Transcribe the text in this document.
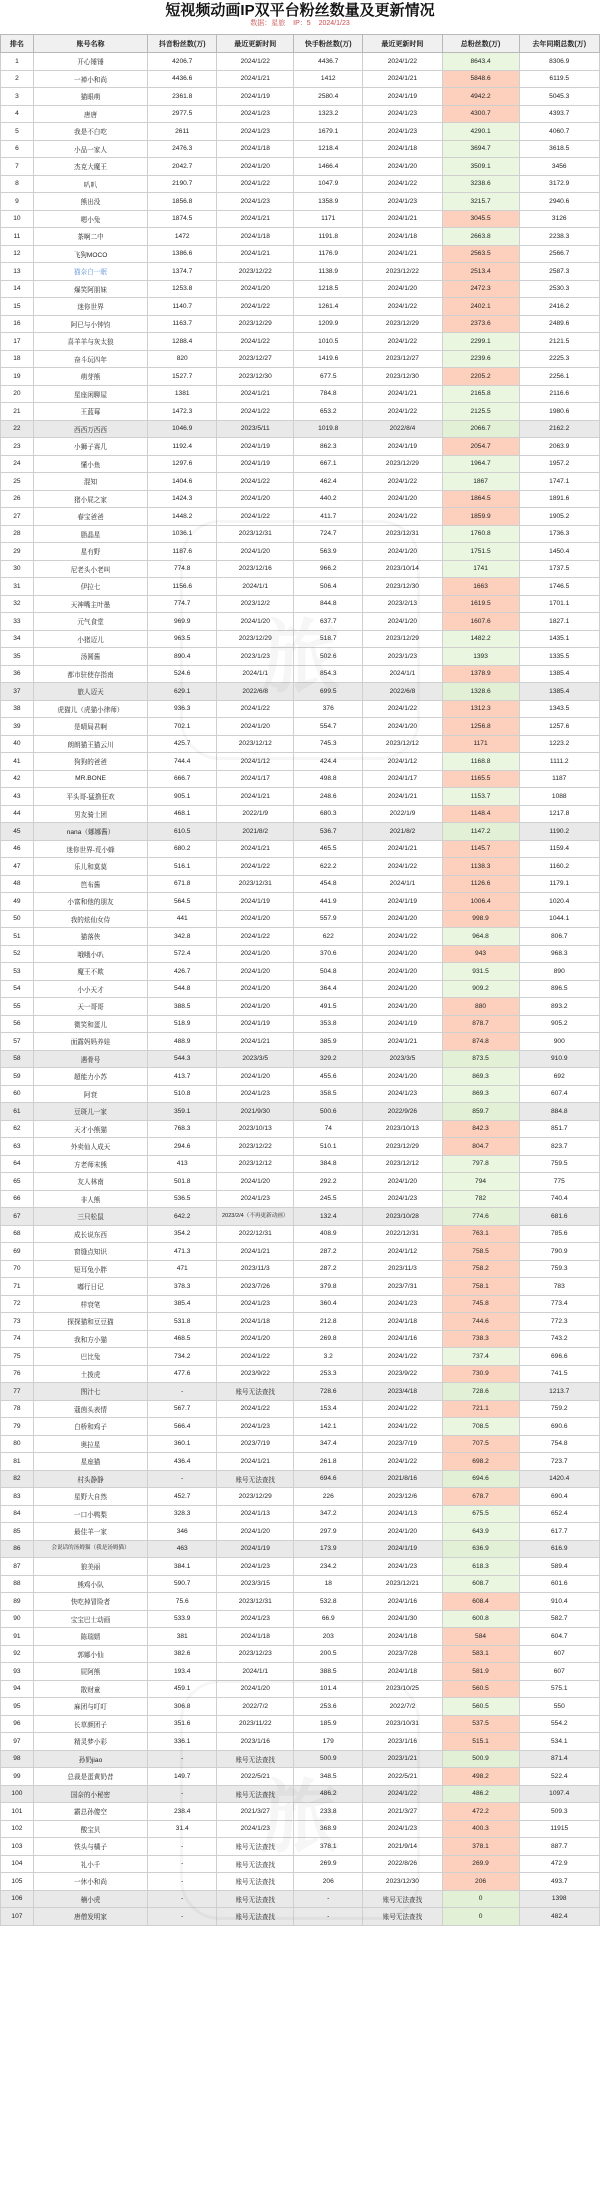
短视频动画IP双平台粉丝数量及更新情况
数据：星旅 IP：5 2024/1/23
排名	账号名称	抖音粉丝数(万)	最近更新时间	快手粉丝数(万)	最近更新时间	总粉丝数(万)	去年同期总数(万)
1	开心锤锤	4206.7	2024/1/22	4436.7	2024/1/22	8643.4	8306.9
2	一禅小和尚	4436.6	2024/1/21	1412	2024/1/21	5848.6	6119.5
3	猫眼萌	2361.8	2024/1/19	2580.4	2024/1/19	4942.2	5045.3
4	唐唐	2977.5	2024/1/23	1323.2	2024/1/23	4300.7	4393.7
5	我是不白吃	2611	2024/1/23	1679.1	2024/1/23	4290.1	4060.7
6	小品一家人	2476.3	2024/1/18	1218.4	2024/1/18	3694.7	3618.5
7	杰克大魔王	2042.7	2024/1/20	1466.4	2024/1/20	3509.1	3456
8	叭叭	2190.7	2024/1/22	1047.9	2024/1/22	3238.6	3172.9
9	熊出没	1856.8	2024/1/23	1358.9	2024/1/23	3215.7	2940.6
10	嗯小兔	1874.5	2024/1/21	1171	2024/1/21	3045.5	3126
11	茶啊二中	1472	2024/1/18	1191.8	2024/1/18	2663.8	2238.3
12	飞狗MOCO	1386.6	2024/1/21	1176.9	2024/1/21	2563.5	2566.7
13	猫奈白一眠	1374.7	2023/12/22	1138.9	2023/12/22	2513.4	2587.3
14	爆笑阿朋妹	1253.8	2024/1/20	1218.5	2024/1/20	2472.3	2530.3
15	迷你世界	1140.7	2024/1/22	1261.4	2024/1/22	2402.1	2416.2
16	阿巳与小钟钧	1163.7	2023/12/29	1209.9	2023/12/29	2373.6	2489.6
17	喜羊羊与灰太狼	1288.4	2024/1/22	1010.5	2024/1/22	2299.1	2121.5
18	奋斗玩四年	820	2023/12/27	1419.6	2023/12/27	2239.6	2225.3
19	萌芽熊	1527.7	2023/12/30	677.5	2023/12/30	2205.2	2256.1
20	星座闲聊屋	1381	2024/1/21	784.8	2024/1/21	2165.8	2116.6
21	王蓝莓	1472.3	2024/1/22	653.2	2024/1/22	2125.5	1980.6
22	西西万西西	1046.9	2023/5/11	1019.8	2022/8/4	2066.7	2162.2
23	小狮子赛几	1192.4	2024/1/19	862.3	2024/1/19	2054.7	2063.9
24	懂小鱼	1297.6	2024/1/19	667.1	2023/12/29	1964.7	1957.2
25	混知	1404.6	2024/1/22	462.4	2024/1/22	1867	1747.1
26	猪小屁之家	1424.3	2024/1/20	440.2	2024/1/20	1864.5	1891.6
27	春宝爸爸	1448.2	2024/1/22	411.7	2024/1/22	1859.9	1905.2
28	脂晶星	1036.1	2023/12/31	724.7	2023/12/31	1760.8	1736.3
29	星有野	1187.6	2024/1/20	563.9	2024/1/20	1751.5	1450.4
30	尼老头小老叫	774.8	2023/12/16	966.2	2023/10/14	1741	1737.5
31	伊拉七	1156.6	2024/1/1	506.4	2023/12/30	1663	1746.5
32	天神嘴主叶墨	774.7	2023/12/2	844.8	2023/2/13	1619.5	1701.1
33	元气食堂	969.9	2024/1/20	637.7	2024/1/20	1607.6	1827.1
34	小猪迈儿	963.5	2023/12/29	518.7	2023/12/29	1482.2	1435.1
35	汤圆酱	890.4	2023/1/23	502.6	2023/1/23	1393	1335.5
36	都市驻使存指南	524.6	2024/1/1	854.3	2024/1/1	1378.9	1385.4
37	旅人迈天	629.1	2022/6/8	699.5	2022/6/8	1328.6	1385.4
38	虎猫儿（虎猫小律师）	936.3	2024/1/22	376	2024/1/22	1312.3	1343.5
39	是晴局君啊	702.1	2024/1/20	554.7	2024/1/20	1256.8	1257.6
40	朗朗猫王猫云川	425.7	2023/12/12	745.3	2023/12/12	1171	1223.2
41	狗狗的爸爸	744.4	2024/1/12	424.4	2024/1/12	1168.8	1111.2
42	MR.BONE	666.7	2024/1/17	498.8	2024/1/17	1165.5	1187
43	平头哥-猛撸狂欢	905.1	2024/1/21	248.6	2024/1/21	1153.7	1088
44	男友骑士团	468.1	2022/1/9	680.3	2022/1/9	1148.4	1217.8
45	nana（娜娜酱）	610.5	2021/8/2	536.7	2021/8/2	1147.2	1190.2
46	迷你世界-荒小蜂	680.2	2024/1/21	465.5	2024/1/21	1145.7	1159.4
47	乐儿和莫莫	516.1	2024/1/22	622.2	2024/1/22	1138.3	1160.2
48	笆布酱	671.8	2023/12/31	454.8	2024/1/1	1126.6	1179.1
49	小富和他的朋友	564.5	2024/1/19	441.9	2024/1/19	1006.4	1020.4
50	我的炫仙女侍	441	2024/1/20	557.9	2024/1/20	998.9	1044.1
51	猫落侠	342.8	2024/1/22	622	2024/1/22	964.8	806.7
52	哦哦小叭	572.4	2024/1/20	370.6	2024/1/20	943	968.3
53	魔王不欺	426.7	2024/1/20	504.8	2024/1/20	931.5	890
54	小小天才	544.8	2024/1/20	364.4	2024/1/20	909.2	896.5
55	天一哥哥	388.5	2024/1/20	491.5	2024/1/20	880	893.2
56	微笑和蛋儿	518.9	2024/1/19	353.8	2024/1/19	878.7	905.2
57	面露妈妈养娃	488.9	2024/1/21	385.9	2024/1/21	874.8	900
58	遇骨号	544.3	2023/3/5	329.2	2023/3/5	873.5	910.9
59	超能力小苏	413.7	2024/1/20	455.6	2024/1/20	869.3	692
60	阿衰	510.8	2024/1/23	358.5	2024/1/23	869.3	607.4
61	豆斑儿一家	359.1	2021/9/30	500.6	2022/9/26	859.7	884.8
62	天才小熊猫	768.3	2023/10/13	74	2023/10/13	842.3	851.7
63	外卖仙人成天	294.6	2023/12/22	510.1	2023/12/29	804.7	823.7
64	方老师末熊	413	2023/12/12	384.8	2023/12/12	797.8	759.5
65	友人林南	501.8	2024/1/20	292.2	2024/1/20	794	775
66	非人熊	536.5	2024/1/23	245.5	2024/1/23	782	740.4
67	三只松鼠	642.2	2023/2/4（不再更新动画）	132.4	2023/10/28	774.6	681.6
68	成长说东西	354.2	2022/12/31	408.9	2022/12/31	763.1	785.6
69	窗缝点知识	471.3	2024/1/21	287.2	2024/1/12	758.5	790.9
70	短耳兔小胖	471	2023/11/3	287.2	2023/11/3	758.2	759.3
71	嘟行日记	378.3	2023/7/26	379.8	2023/7/31	758.1	783
72	样衰笔	385.4	2024/1/23	360.4	2024/1/23	745.8	773.4
73	探探猫和豆豆猫	531.8	2024/1/18	212.8	2024/1/18	744.6	772.3
74	我和方小猫	468.5	2024/1/20	269.8	2024/1/16	738.3	743.2
75	巴比兔	734.2	2024/1/22	3.2	2024/1/22	737.4	696.6
76	土拨虎	477.6	2023/9/22	253.3	2023/9/22	730.9	741.5
77	图汁七	-	账号无法查找	728.6	2023/4/18	728.6	1213.7
78	蔻茵头表情	567.7	2024/1/22	153.4	2024/1/22	721.1	759.2
79	白桥和鸡子	566.4	2024/1/23	142.1	2024/1/22	708.5	690.6
80	奥拉星	360.1	2023/7/19	347.4	2023/7/19	707.5	754.8
81	星座猫	436.4	2024/1/21	261.8	2024/1/22	698.2	723.7
82	村头静静	-	账号无法查找	694.6	2021/8/16	694.6	1420.4
83	星野大自然	452.7	2023/12/29	226	2023/12/6	678.7	690.4
84	一口小鸭梨	328.3	2024/1/13	347.2	2024/1/13	675.5	652.4
85	最佳羊一家	346	2024/1/20	297.9	2024/1/20	643.9	617.7
86	会说话的汤姆猫（我是汤姆猫）	463	2024/1/19	173.9	2024/1/19	636.9	616.9
87	狼美丽	384.1	2024/1/23	234.2	2024/1/23	618.3	589.4
88	熊鸡小队	590.7	2023/3/15	18	2023/12/21	608.7	601.6
89	快吃掉冒险者	75.6	2023/12/31	532.8	2024/1/16	608.4	910.4
90	宝宝巴士动画	533.9	2024/1/23	66.9	2024/1/30	600.8	582.7
91	陈瑞婿	381	2024/1/18	203	2024/1/18	584	604.7
92	郭娜小仙	382.6	2023/12/23	200.5	2023/7/28	583.1	607
93	屁阿熊	193.4	2024/1/1	388.5	2024/1/18	581.9	607
94	散财童	459.1	2024/1/20	101.4	2023/10/25	560.5	575.1
95	麻团与叮叮	306.8	2022/7/2	253.6	2022/7/2	560.5	550
96	长草颜团子	351.6	2023/11/22	185.9	2023/10/31	537.5	554.2
97	精灵梦小彩	336.1	2023/1/16	179	2023/1/16	515.1	534.1
98	孙奶jiao	-	账号无法查找	500.9	2023/1/21	500.9	871.4
99	总裁是蛋黄奶昔	149.7	2022/5/21	348.5	2022/5/21	498.2	522.4
100	国奈的小秘密	-	账号无法查找	486.2	2024/1/22	486.2	1097.4
101	霸总孙傻空	238.4	2021/3/27	233.8	2021/3/27	472.2	509.3
102	酸宝贝	31.4	2024/1/23	368.9	2024/1/23	400.3	11915
103	铁头与橘子	-	账号无法查找	378.1	2021/9/14	378.1	887.7
104	礼小千	-	账号无法查找	269.9	2022/8/26	269.9	472.9
105	一休小和尚	-	账号无法查找	206	2023/12/30	206	493.7
106	楠小虎	-	账号无法查找	-	账号无法查找	0	1398
107	唐僧发明家	-	账号无法查找	-	账号无法查找	0	482.4
